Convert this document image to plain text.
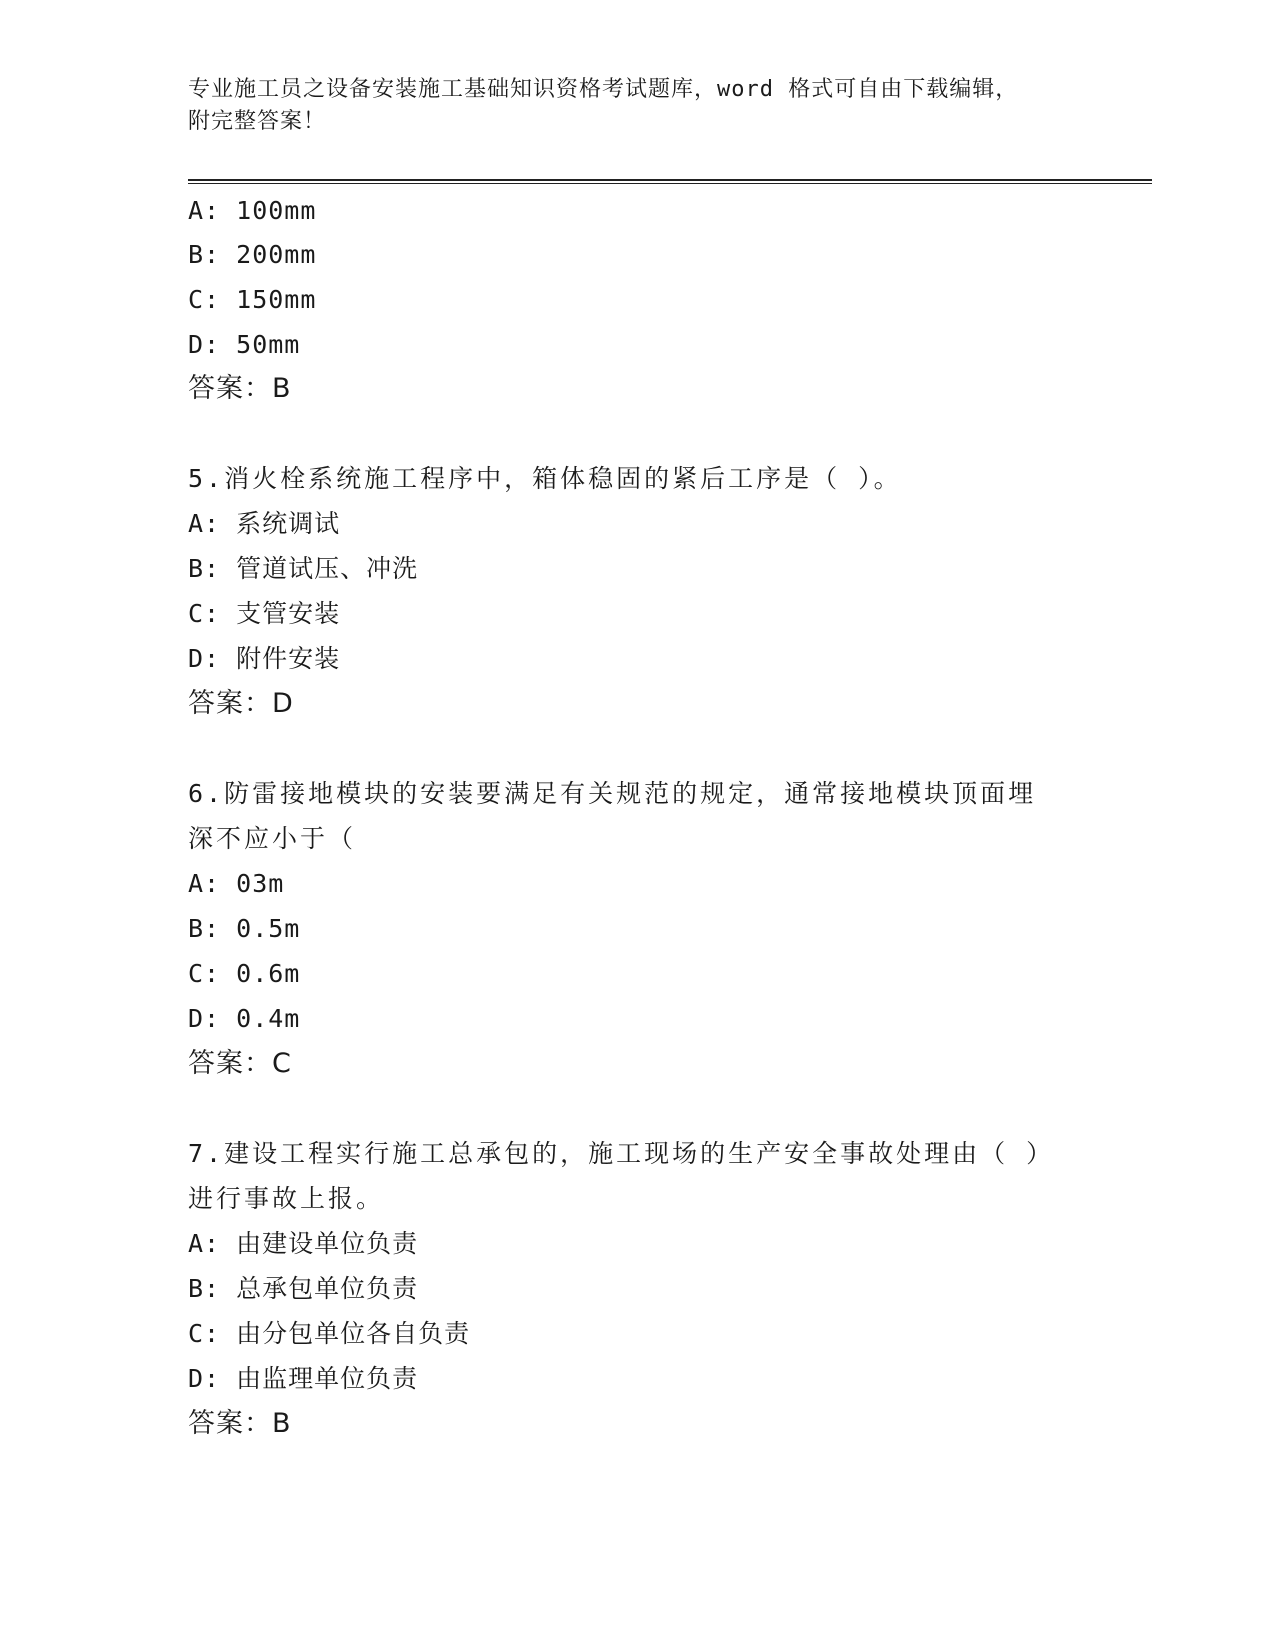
专业施工员之设备安装施工基础知识资格考试题库，word 格式可自由下载编辑，
附完整答案！
A: 100mm
B: 200mm
C: 150mm
D: 50mm
答案：B
5.消火栓系统施工程序中，箱体稳固的紧后工序是（ ）。
A: 系统调试
B: 管道试压、冲洗
C: 支管安装
D: 附件安装
答案：D
6.防雷接地模块的安装要满足有关规范的规定，通常接地模块顶面埋
深不应小于（
A: 03m
B: 0.5m
C: 0.6m
D: 0.4m
答案：C
7.建设工程实行施工总承包的，施工现场的生产安全事故处理由（ ）
进行事故上报。
A: 由建设单位负责
B: 总承包单位负责
C: 由分包单位各自负责
D: 由监理单位负责
答案：B
